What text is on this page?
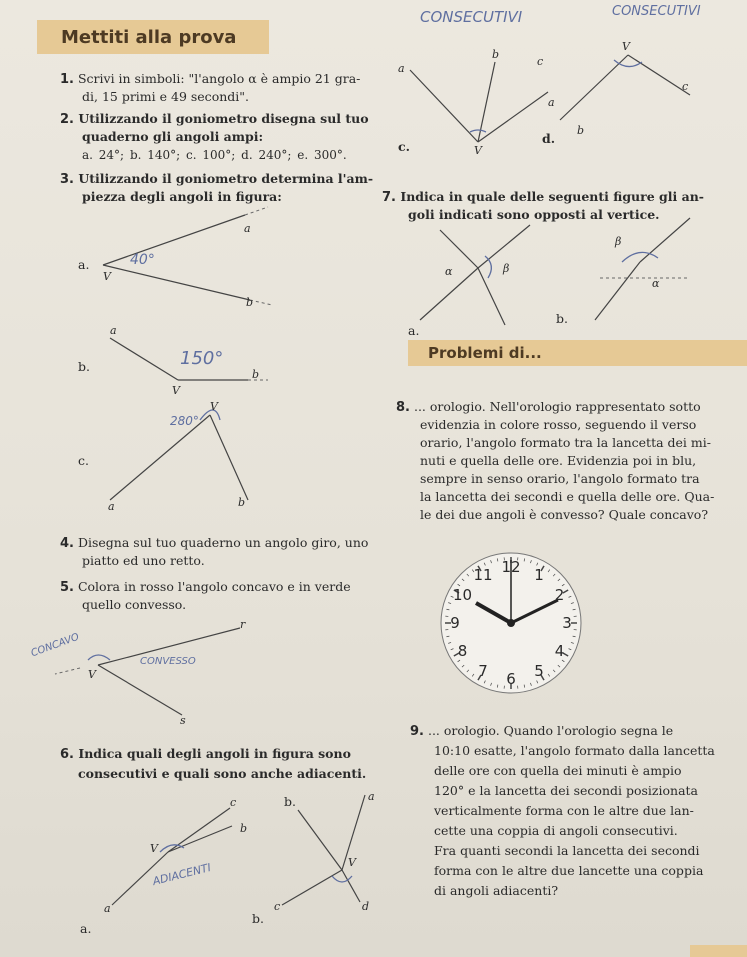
Mettiti alla prova
CONSECUTIVI	CONSECUTIVI
1. Scrivi in simboli: "l'angolo α è ampio 21 gra-
di, 15 primi e 49 secondi".
2. Utilizzando il goniometro disegna sul tuo
quaderno gli angoli ampi:
a. 24°; b. 140°; c. 100°; d. 240°; e. 300°.
3. Utilizzando il goniometro determina l'am-
piezza degli angoli in figura:	7. Indica in quale delle seguenti figure gli an-
goli indicati sono opposti al vertice.
a
b
c
a
V
c.
V
c
b
d.
a
a.
V
40°
b
a
b.	150°
b
V
280°
V
c.
a	b
α	β
a.
β
α
b.
Problemi di...
8. ... orologio. Nell'orologio rappresentato sotto
evidenzia in colore rosso, seguendo il verso
orario, l'angolo formato tra la lancetta dei mi-
nuti e quella delle ore. Evidenzia poi in blu,
sempre in senso orario, l'angolo formato tra
la lancetta dei secondi e quella delle ore. Qua-
le dei due angoli è convesso? Quale concavo?
4. Disegna sul tuo quaderno un angolo giro, uno
piatto ed uno retto.
5. Colora in rosso l'angolo concavo e in verde
quello convesso.
CONCAVO
CONVESSO
r
s
V
12 1
2
3
4
5
6
7
8
9
10
11
9. ... orologio. Quando l'orologio segna le
10:10 esatte, l'angolo formato dalla lancetta
delle ore con quella dei minuti è ampio
120° e la lancetta dei secondi posizionata
verticalmente forma con le altre due lan-
cette una coppia di angoli consecutivi.
Fra quanti secondi la lancetta dei secondi
forma con le altre due lancette una coppia
di angoli adiacenti?
6. Indica quali degli angoli in figura sono
consecutivi e quali sono anche adiacenti.
c
b
V
ADIACENTI
a
a.
b.	a
V
c	d
b.
